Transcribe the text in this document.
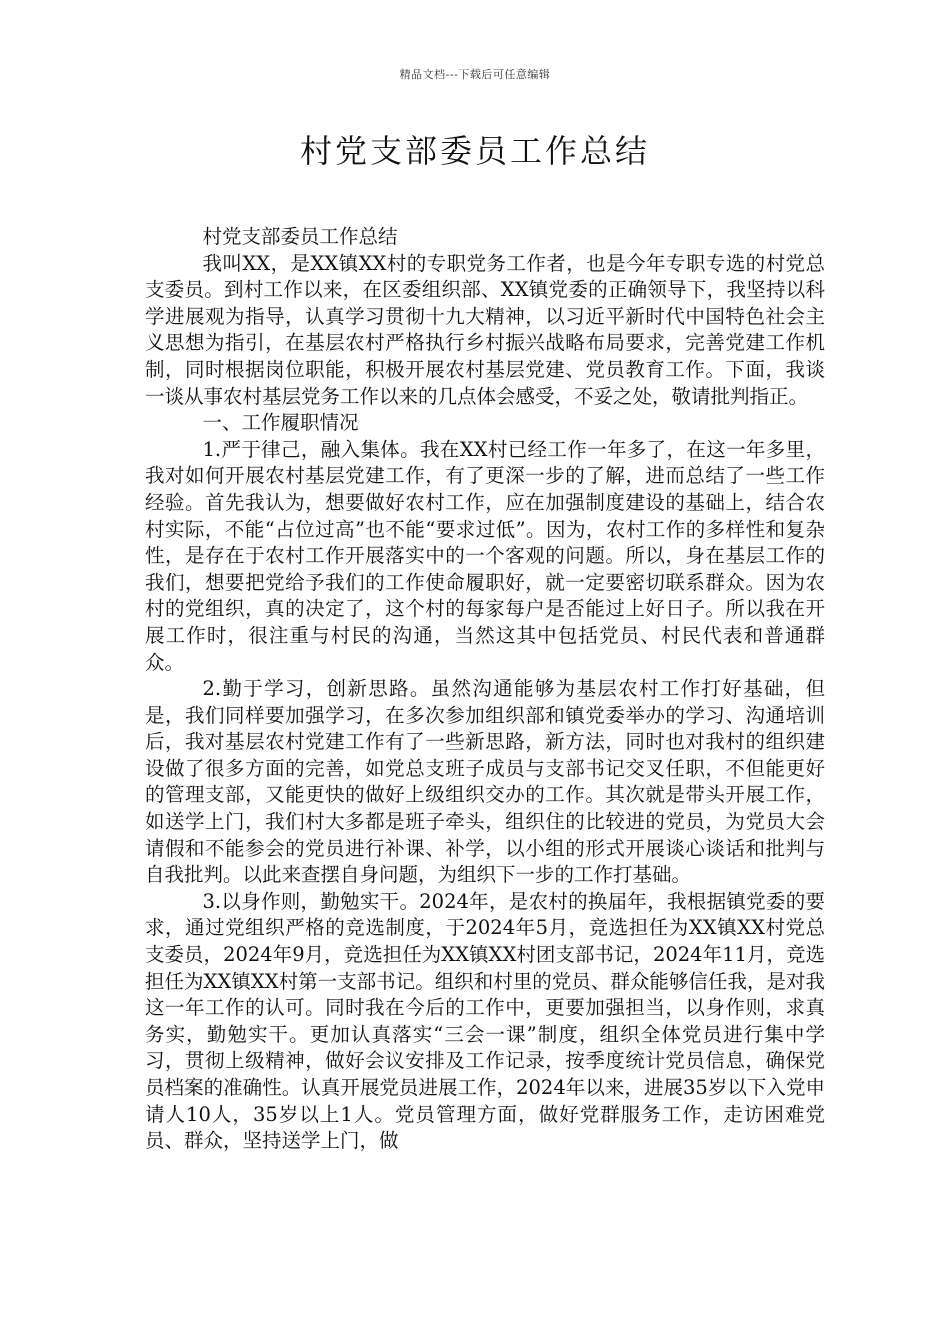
精品文档---下载后可任意编辑
村党支部委员工作总结

村党支部委员工作总结

我叫XX，是XX镇XX村的专职党务工作者，也是今年专职专选的村党总支委员。到村工作以来，在区委组织部、XX镇党委的正确领导下，我坚持以科学进展观为指导，认真学习贯彻十九大精神，以习近平新时代中国特色社会主义思想为指引，在基层农村严格执行乡村振兴战略布局要求，完善党建工作机制，同时根据岗位职能，积极开展农村基层党建、党员教育工作。下面，我谈一谈从事农村基层党务工作以来的几点体会感受，不妥之处，敬请批判指正。

一、工作履职情况

1.严于律己，融入集体。我在XX村已经工作一年多了，在这一年多里，我对如何开展农村基层党建工作，有了更深一步的了解，进而总结了一些工作经验。首先我认为，想要做好农村工作，应在加强制度建设的基础上，结合农村实际，不能“占位过高”也不能“要求过低”。因为，农村工作的多样性和复杂性，是存在于农村工作开展落实中的一个客观的问题。所以，身在基层工作的我们，想要把党给予我们的工作使命履职好，就一定要密切联系群众。因为农村的党组织，真的决定了，这个村的每家每户是否能过上好日子。所以我在开展工作时，很注重与村民的沟通，当然这其中包括党员、村民代表和普通群众。

2.勤于学习，创新思路。虽然沟通能够为基层农村工作打好基础，但是，我们同样要加强学习，在多次参加组织部和镇党委举办的学习、沟通培训后，我对基层农村党建工作有了一些新思路，新方法，同时也对我村的组织建设做了很多方面的完善，如党总支班子成员与支部书记交叉任职，不但能更好的管理支部，又能更快的做好上级组织交办的工作。其次就是带头开展工作，如送学上门，我们村大多都是班子牵头，组织住的比较进的党员，为党员大会请假和不能参会的党员进行补课、补学，以小组的形式开展谈心谈话和批判与自我批判。以此来查摆自身问题，为组织下一步的工作打基础。

3.以身作则，勤勉实干。2024年，是农村的换届年，我根据镇党委的要求，通过党组织严格的竞选制度，于2024年5月，竞选担任为XX镇XX村党总支委员，2024年9月，竞选担任为XX镇XX村团支部书记，2024年11月，竞选担任为XX镇XX村第一支部书记。组织和村里的党员、群众能够信任我，是对我这一年工作的认可。同时我在今后的工作中，更要加强担当，以身作则，求真务实，勤勉实干。更加认真落实“三会一课”制度，组织全体党员进行集中学习，贯彻上级精神，做好会议安排及工作记录，按季度统计党员信息，确保党员档案的准确性。认真开展党员进展工作，2024年以来，进展35岁以下入党申请人10人，35岁以上1人。党员管理方面，做好党群服务工作，走访困难党员、群众，坚持送学上门，做
